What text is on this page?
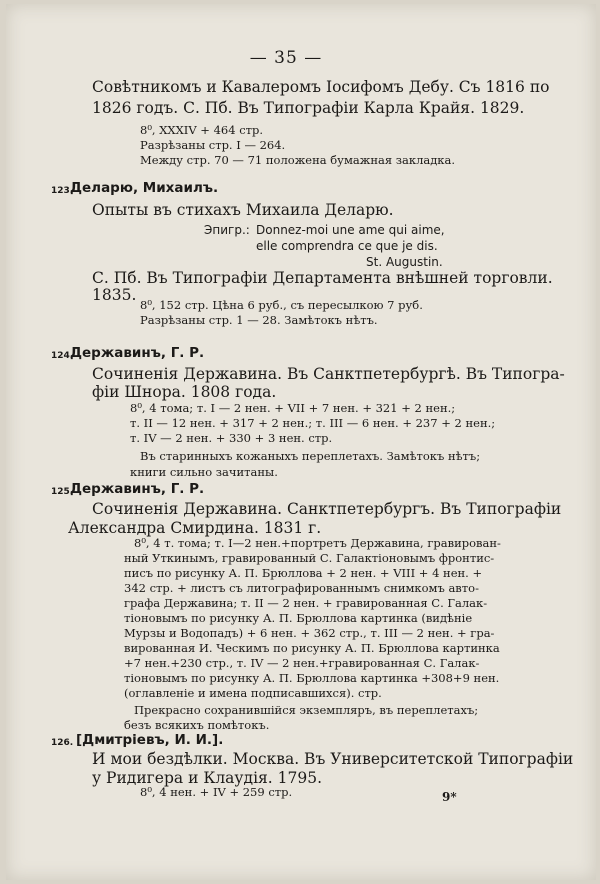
— 35 —
Совѣтникомъ и Кавалеромъ Іосифомъ Дебу. Съ 1816 по
1826 годъ. С. Пб. Въ Типографіи Карла Крайя. 1829.
8⁰, XXXIV + 464 стр.
Разрѣзаны стр. I — 264.
Между стр. 70 — 71 положена бумажная закладка.
123.
Деларю, Михаилъ.
Опыты въ стихахъ Михаила Деларю.
Эпигр.: Donnez-moi une ame qui aime,
elle comprendra ce que je dis.
St. Augustin.
С. Пб. Въ Типографіи Департамента внѣшней торговли.
1835.
8⁰, 152 стр. Цѣна 6 руб., съ пересылкою 7 руб.
Разрѣзаны стр. 1 — 28. Замѣтокъ нѣтъ.
124.
Державинъ, Г. Р.
Сочиненія Державина. Въ Санктпетербургѣ. Въ Типогра-
фіи Шнора. 1808 года.
8⁰, 4 тома; т. I — 2 нен. + VII + 7 нен. + 321 + 2 нен.;
т. II — 12 нен. + 317 + 2 нен.; т. III — 6 нен. + 237 + 2 нен.;
т. IV — 2 нен. + 330 + 3 нен. стр.
Въ старинныхъ кожаныхъ переплетахъ. Замѣтокъ нѣтъ;
книги сильно зачитаны.
125.
Державинъ, Г. Р.
Сочиненія Державина. Санктпетербургъ. Въ Типографіи
Александра Смирдина. 1831 г.
8⁰, 4 т. тома; т. I—2 нен.+портретъ Державина, гравирован-
ный Уткинымъ, гравированный С. Галактіоновымъ фронтис-
писъ по рисунку А. П. Брюллова + 2 нен. + VIII + 4 нен. +
342 стр. + листъ съ литографированнымъ снимкомъ авто-
графа Державина; т. II — 2 нен. + гравированная С. Галак-
тіоновымъ по рисунку А. П. Брюллова картинка (видѣніе
Мурзы и Водопадъ) + 6 нен. + 362 стр., т. III — 2 нен. + гра-
вированная И. Ческимъ по рисунку А. П. Брюллова картинка
+7 нен.+230 стр., т. IV — 2 нен.+гравированная С. Галак-
тіоновымъ по рисунку А. П. Брюллова картинка +308+9 нен.
(оглавленіе и имена подписавшихся). стр.
Прекрасно сохранившійся экземпляръ, въ переплетахъ;
безъ всякихъ помѣтокъ.
126. [Дмитріевъ, И. И.].
И мои бездѣлки. Москва. Въ Университетской Типографіи
у Ридигера и Клаудія. 1795.
8⁰, 4 нен. + IV + 259 стр.	9*
